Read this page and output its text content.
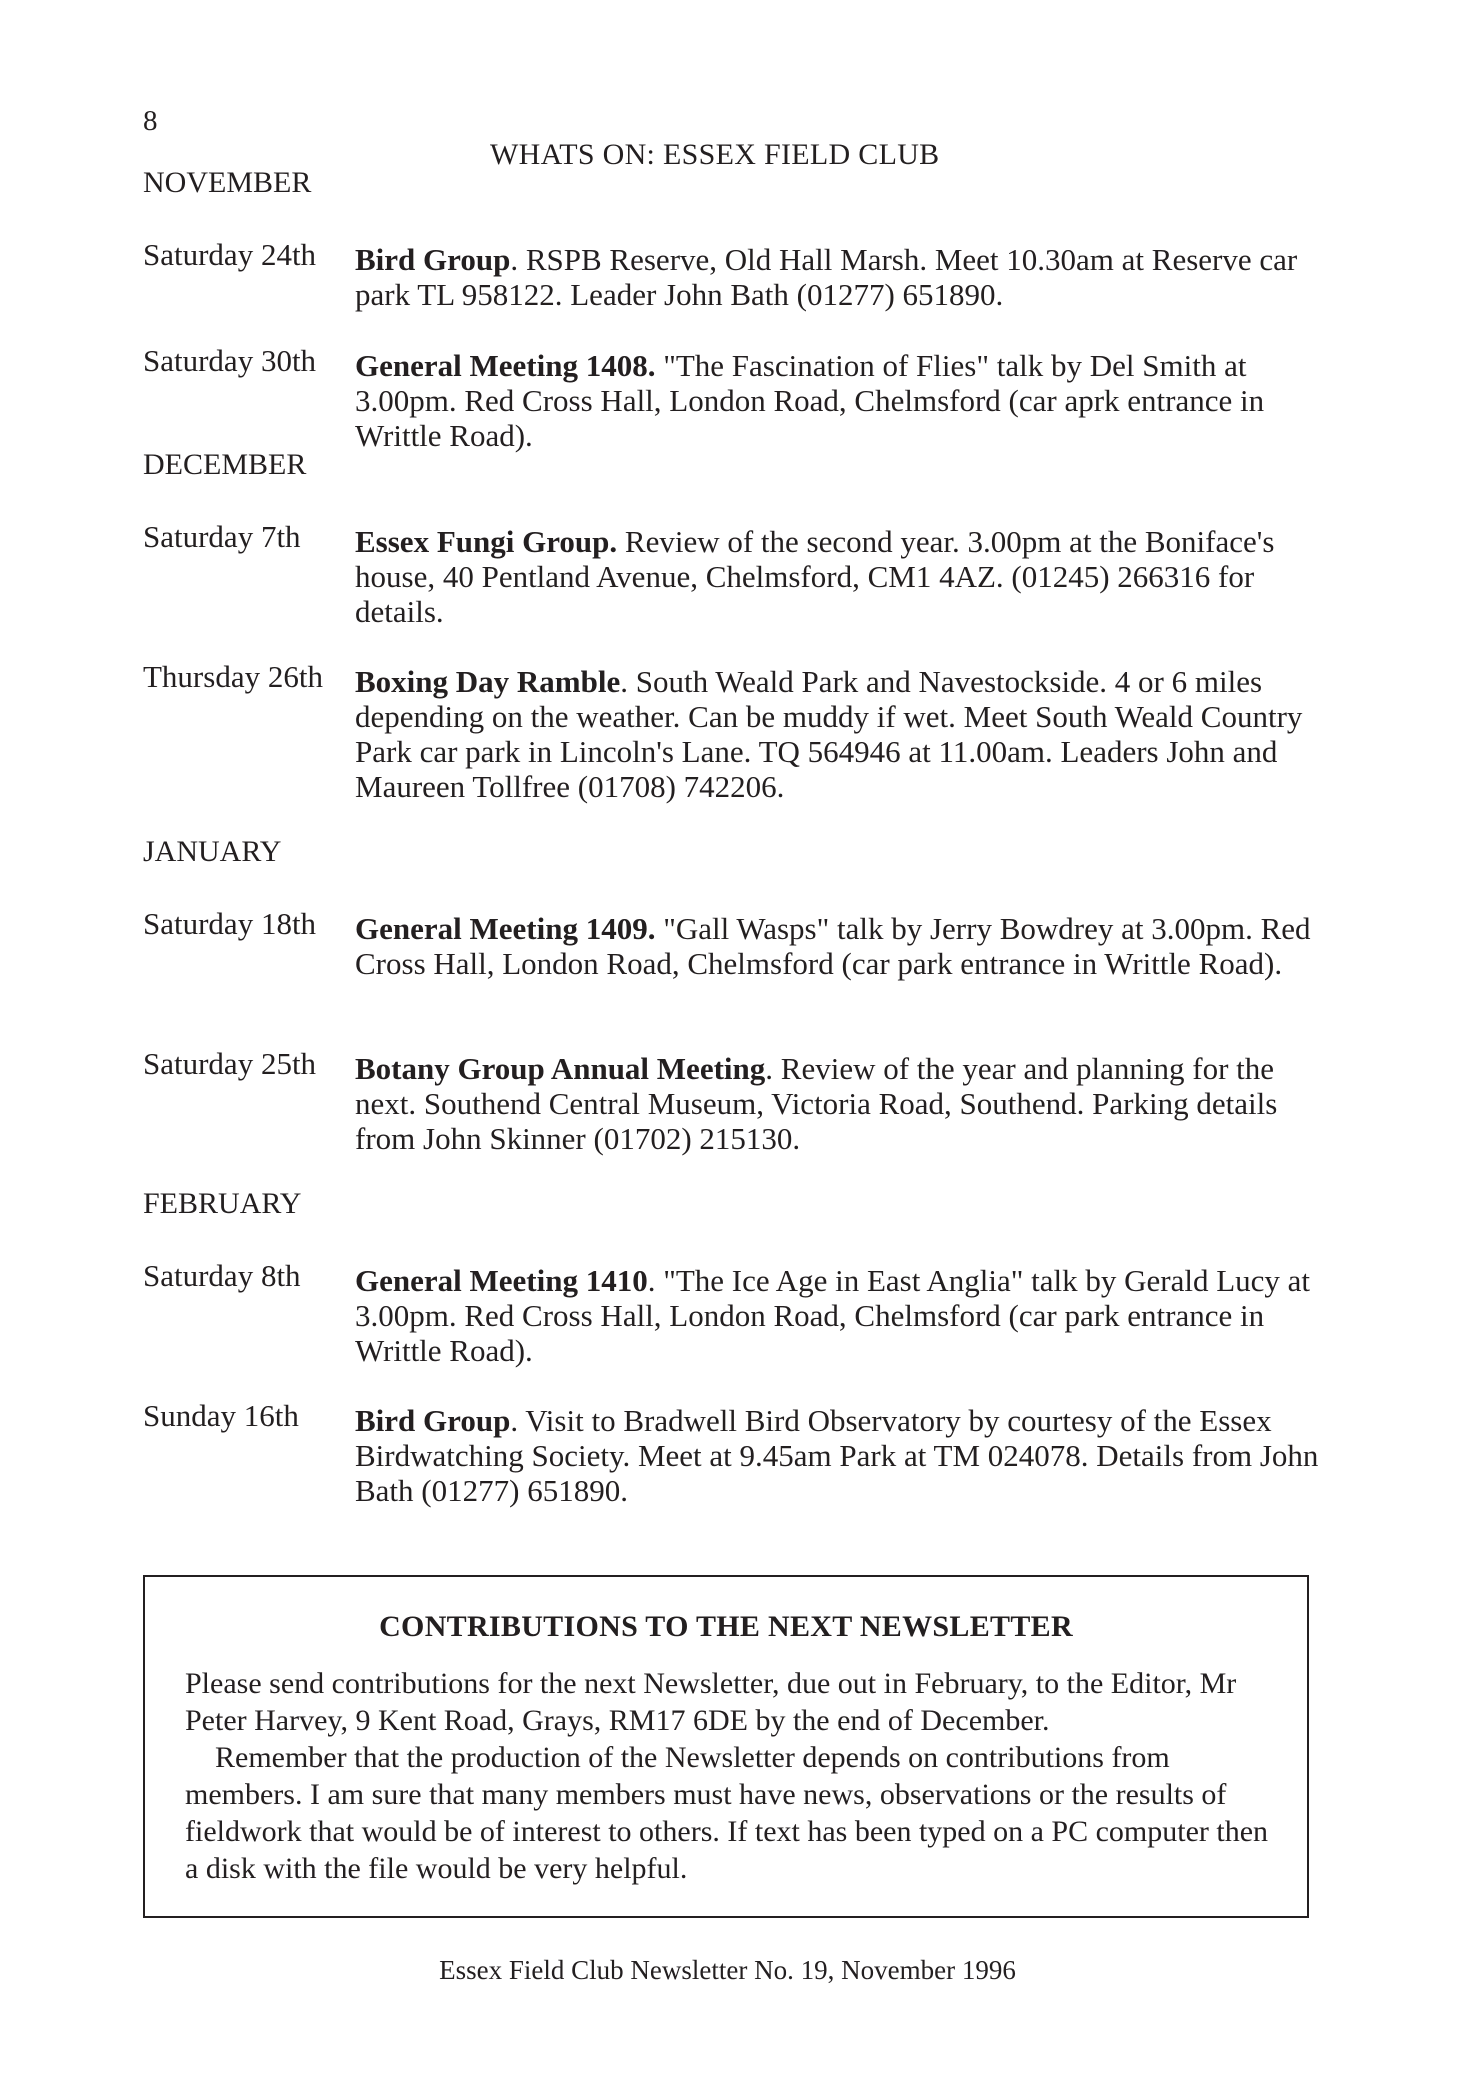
8
WHATS ON: ESSEX FIELD CLUB
NOVEMBER
Saturday 24th Bird Group. RSPB Reserve, Old Hall Marsh. Meet 10.30am at Reserve car park TL 958122. Leader John Bath (01277) 651890.
Saturday 30th General Meeting 1408. "The Fascination of Flies" talk by Del Smith at 3.00pm. Red Cross Hall, London Road, Chelmsford (car aprk entrance in Writtle Road).
DECEMBER
Saturday 7th Essex Fungi Group. Review of the second year. 3.00pm at the Boniface's house, 40 Pentland Avenue, Chelmsford, CM1 4AZ. (01245) 266316 for details.
Thursday 26th Boxing Day Ramble. South Weald Park and Navestockside. 4 or 6 miles depending on the weather. Can be muddy if wet. Meet South Weald Country Park car park in Lincoln's Lane. TQ 564946 at 11.00am. Leaders John and Maureen Tollfree (01708) 742206.
JANUARY
Saturday 18th General Meeting 1409. "Gall Wasps" talk by Jerry Bowdrey at 3.00pm. Red Cross Hall, London Road, Chelmsford (car park entrance in Writtle Road).
Saturday 25th Botany Group Annual Meeting. Review of the year and planning for the next. Southend Central Museum, Victoria Road, Southend. Parking details from John Skinner (01702) 215130.
FEBRUARY
Saturday 8th General Meeting 1410. "The Ice Age in East Anglia" talk by Gerald Lucy at 3.00pm. Red Cross Hall, London Road, Chelmsford (car park entrance in Writtle Road).
Sunday 16th Bird Group. Visit to Bradwell Bird Observatory by courtesy of the Essex Birdwatching Society. Meet at 9.45am Park at TM 024078. Details from John Bath (01277) 651890.
CONTRIBUTIONS TO THE NEXT NEWSLETTER

Please send contributions for the next Newsletter, due out in February, to the Editor, Mr Peter Harvey, 9 Kent Road, Grays, RM17 6DE by the end of December.

Remember that the production of the Newsletter depends on contributions from members. I am sure that many members must have news, observations or the results of fieldwork that would be of interest to others. If text has been typed on a PC computer then a disk with the file would be very helpful.

Essex Field Club Newsletter No. 19, November 1996
